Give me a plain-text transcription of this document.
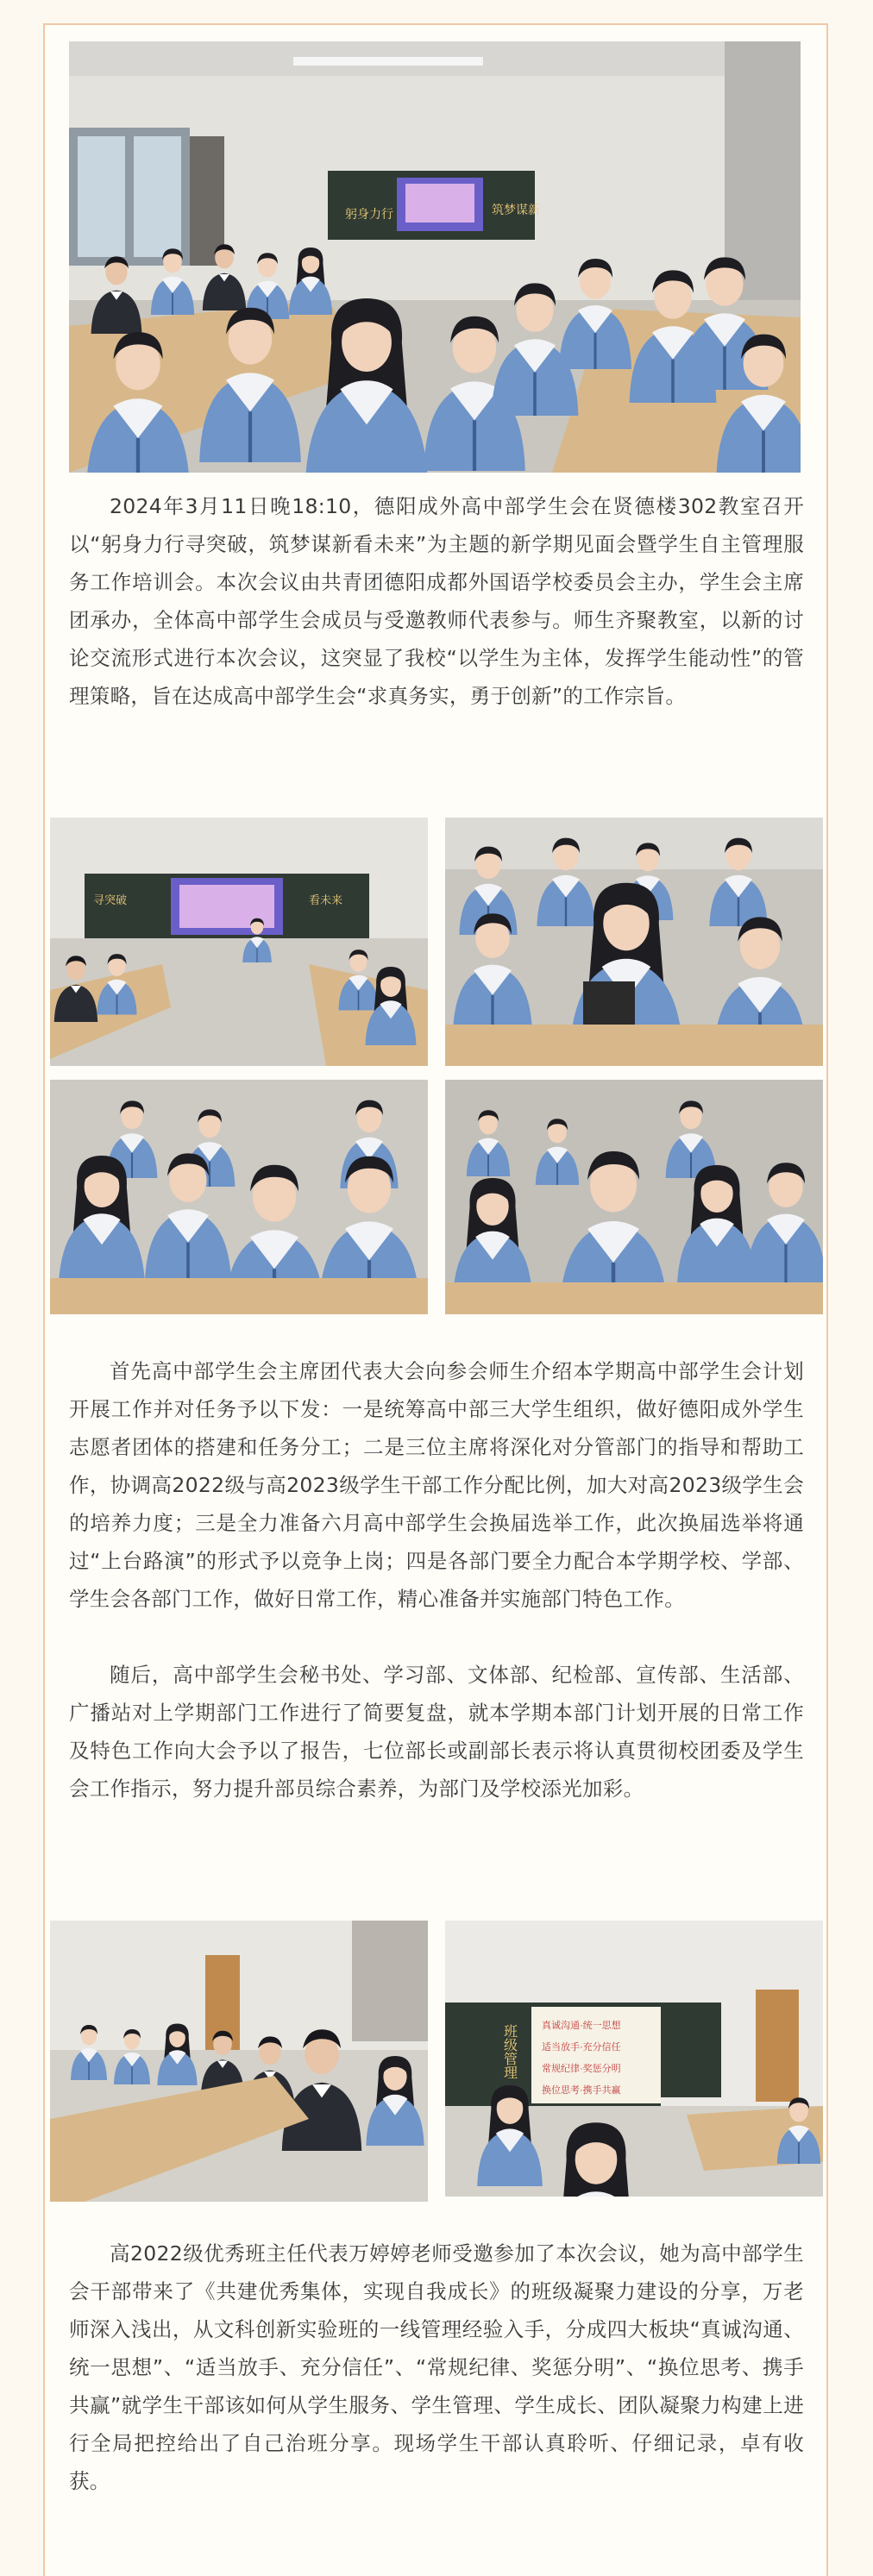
躬身力行	筑梦谋新

2024年3月11日晚18:10，德阳成外高中部学生会在贤德楼302教室召开以“躬身力行寻突破，筑梦谋新看未来”为主题的新学期见面会暨学生自主管理服务工作培训会。本次会议由共青团德阳成都外国语学校委员会主办，学生会主席团承办，全体高中部学生会成员与受邀教师代表参与。师生齐聚教室，以新的讨论交流形式进行本次会议，这突显了我校“以学生为主体，发挥学生能动性”的管理策略，旨在达成高中部学生会“求真务实，勇于创新”的工作宗旨。

寻突破	看未来

首先高中部学生会主席团代表大会向参会师生介绍本学期高中部学生会计划开展工作并对任务予以下发：一是统筹高中部三大学生组织，做好德阳成外学生志愿者团体的搭建和任务分工；二是三位主席将深化对分管部门的指导和帮助工作，协调高2022级与高2023级学生干部工作分配比例，加大对高2023级学生会的培养力度；三是全力准备六月高中部学生会换届选举工作，此次换届选举将通过“上台路演”的形式予以竞争上岗；四是各部门要全力配合本学期学校、学部、学生会各部门工作，做好日常工作，精心准备并实施部门特色工作。

随后，高中部学生会秘书处、学习部、文体部、纪检部、宣传部、生活部、广播站对上学期部门工作进行了简要复盘，就本学期本部门计划开展的日常工作及特色工作向大会予以了报告，七位部长或副部长表示将认真贯彻校团委及学生会工作指示，努力提升部员综合素养，为部门及学校添光加彩。

真诚沟通·统一思想
适当放手·充分信任
常规纪律·奖惩分明
换位思考·携手共赢
班级管理

高2022级优秀班主任代表万婷婷老师受邀参加了本次会议，她为高中部学生会干部带来了《共建优秀集体，实现自我成长》的班级凝聚力建设的分享，万老师深入浅出，从文科创新实验班的一线管理经验入手，分成四大板块“真诚沟通、统一思想”、“适当放手、充分信任”、“常规纪律、奖惩分明”、“换位思考、携手共赢”就学生干部该如何从学生服务、学生管理、学生成长、团队凝聚力构建上进行全局把控给出了自己治班分享。现场学生干部认真聆听、仔细记录，卓有收获。
